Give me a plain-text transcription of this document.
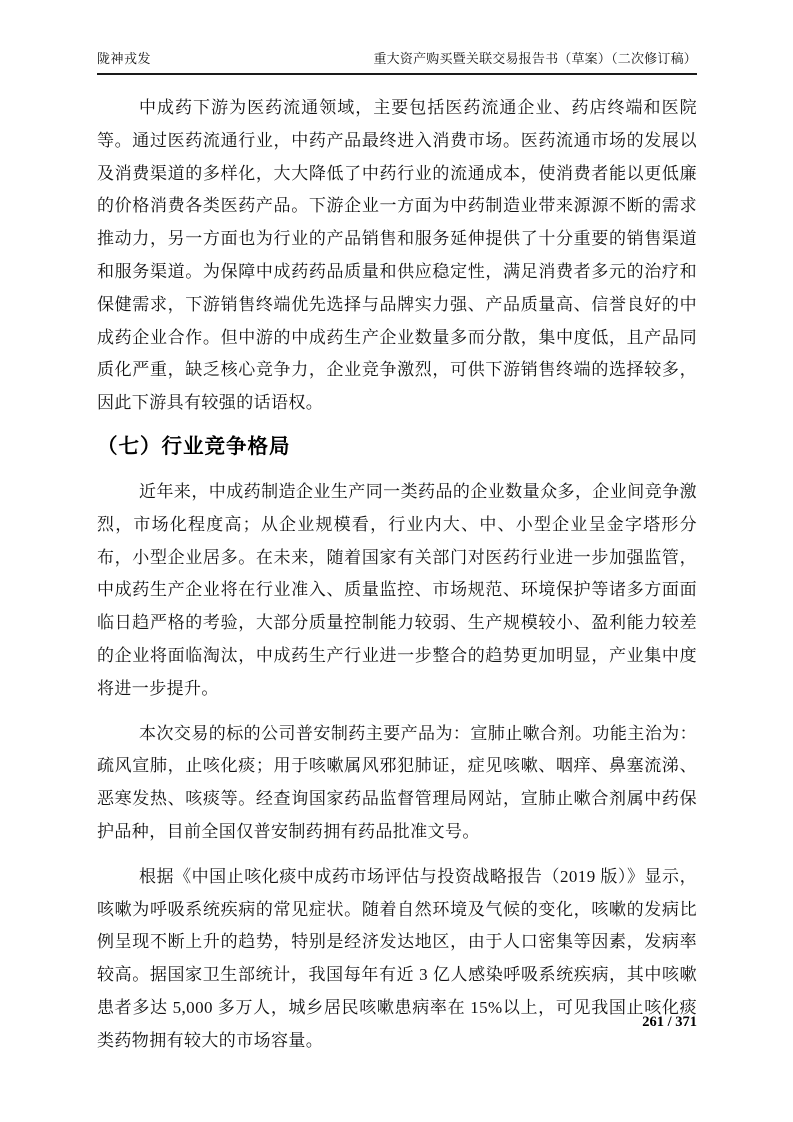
陇神戎发	重大资产购买暨关联交易报告书（草案）（二次修订稿）

中成药下游为医药流通领域，主要包括医药流通企业、药店终端和医院等。通过医药流通行业，中药产品最终进入消费市场。医药流通市场的发展以及消费渠道的多样化，大大降低了中药行业的流通成本，使消费者能以更低廉的价格消费各类医药产品。下游企业一方面为中药制造业带来源源不断的需求推动力，另一方面也为行业的产品销售和服务延伸提供了十分重要的销售渠道和服务渠道。为保障中成药药品质量和供应稳定性，满足消费者多元的治疗和保健需求，下游销售终端优先选择与品牌实力强、产品质量高、信誉良好的中成药企业合作。但中游的中成药生产企业数量多而分散，集中度低，且产品同质化严重，缺乏核心竞争力，企业竞争激烈，可供下游销售终端的选择较多，因此下游具有较强的话语权。

（七）行业竞争格局

近年来，中成药制造企业生产同一类药品的企业数量众多，企业间竞争激烈，市场化程度高；从企业规模看，行业内大、中、小型企业呈金字塔形分布，小型企业居多。在未来，随着国家有关部门对医药行业进一步加强监管，中成药生产企业将在行业准入、质量监控、市场规范、环境保护等诸多方面面临日趋严格的考验，大部分质量控制能力较弱、生产规模较小、盈利能力较差的企业将面临淘汰，中成药生产行业进一步整合的趋势更加明显，产业集中度将进一步提升。

本次交易的标的公司普安制药主要产品为：宣肺止嗽合剂。功能主治为：疏风宣肺，止咳化痰；用于咳嗽属风邪犯肺证，症见咳嗽、咽痒、鼻塞流涕、恶寒发热、咳痰等。经查询国家药品监督管理局网站，宣肺止嗽合剂属中药保护品种，目前全国仅普安制药拥有药品批准文号。

根据《中国止咳化痰中成药市场评估与投资战略报告（2019 版）》显示，咳嗽为呼吸系统疾病的常见症状。随着自然环境及气候的变化，咳嗽的发病比例呈现不断上升的趋势，特别是经济发达地区，由于人口密集等因素，发病率较高。据国家卫生部统计，我国每年有近 3 亿人感染呼吸系统疾病，其中咳嗽患者多达 5,000 多万人，城乡居民咳嗽患病率在 15%以上，可见我国止咳化痰类药物拥有较大的市场容量。

261 / 371
